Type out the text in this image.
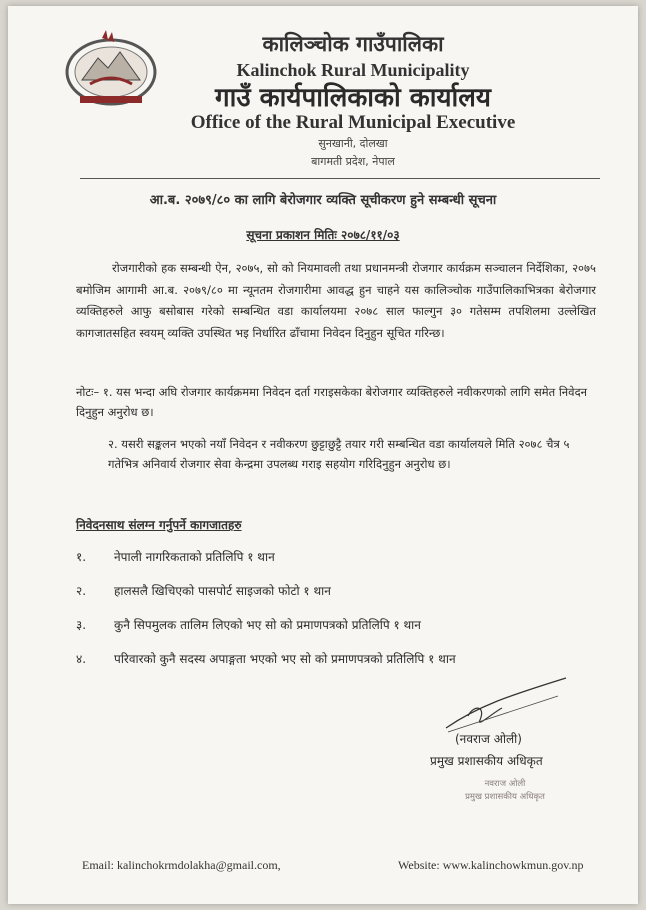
कालिञ्चोक गाउँपालिका
Kalinchok Rural Municipality
गाउँ कार्यपालिकाको कार्यालय
Office of the Rural Municipal Executive
सुनखानी, दोलखा
बागमती प्रदेश, नेपाल
आ.ब. २०७९/८० का लागि बेरोजगार व्यक्ति सूचीकरण हुने सम्बन्धी सूचना
सूचना प्रकाशन मितिः २०७८/११/०३

रोजगारीको हक सम्बन्धी ऐन, २०७५, सो को नियमावली तथा प्रधानमन्त्री रोजगार कार्यक्रम सञ्चालन निर्देशिका, २०७५ बमोजिम आगामी आ.ब. २०७९/८० मा न्यूनतम रोजगारीमा आवद्ध हुन चाहने यस कालिञ्चोक गाउँपालिकाभित्रका बेरोजगार व्यक्तिहरुले आफु बसोबास गरेको सम्बन्धित वडा कार्यालयमा २०७८ साल फाल्गुन ३० गतेसम्म तपशिलमा उल्लेखित कागजातसहित स्वयम् व्यक्ति उपस्थित भइ निर्धारित ढाँचामा निवेदन दिनुहुन सूचित गरिन्छ।

नोटः– १. यस भन्दा अघि रोजगार कार्यक्रममा निवेदन दर्ता गराइसकेका बेरोजगार व्यक्तिहरुले नवीकरणको लागि समेत निवेदन दिनुहुन अनुरोध छ।
२. यसरी सङ्कलन भएको नयाँ निवेदन र नवीकरण छुट्टाछुट्टै तयार गरी सम्बन्धित वडा कार्यालयले मिति २०७८ चैत्र ५ गतेभित्र अनिवार्य रोजगार सेवा केन्द्रमा उपलब्ध गराइ सहयोग गरिदिनुहुन अनुरोध छ।
निवेदनसाथ संलग्न गर्नुपर्ने कागजातहरु
१. नेपाली नागरिकताको प्रतिलिपि १ थान
२. हालसलै खिचिएको पासपोर्ट साइजको फोटो १ थान
३. कुनै सिपमुलक तालिम लिएको भए सो को प्रमाणपत्रको प्रतिलिपि १ थान
४. परिवारको कुनै सदस्य अपाङ्गता भएको भए सो को प्रमाणपत्रको प्रतिलिपि १ थान
(नवराज ओली)
प्रमुख प्रशासकीय अधिकृत
नवराज ओली
प्रमुख प्रशासकीय अधिकृत
Email: kalinchokrmdolakha@gmail.com,	Website: www.kalinchowkmun.gov.np
